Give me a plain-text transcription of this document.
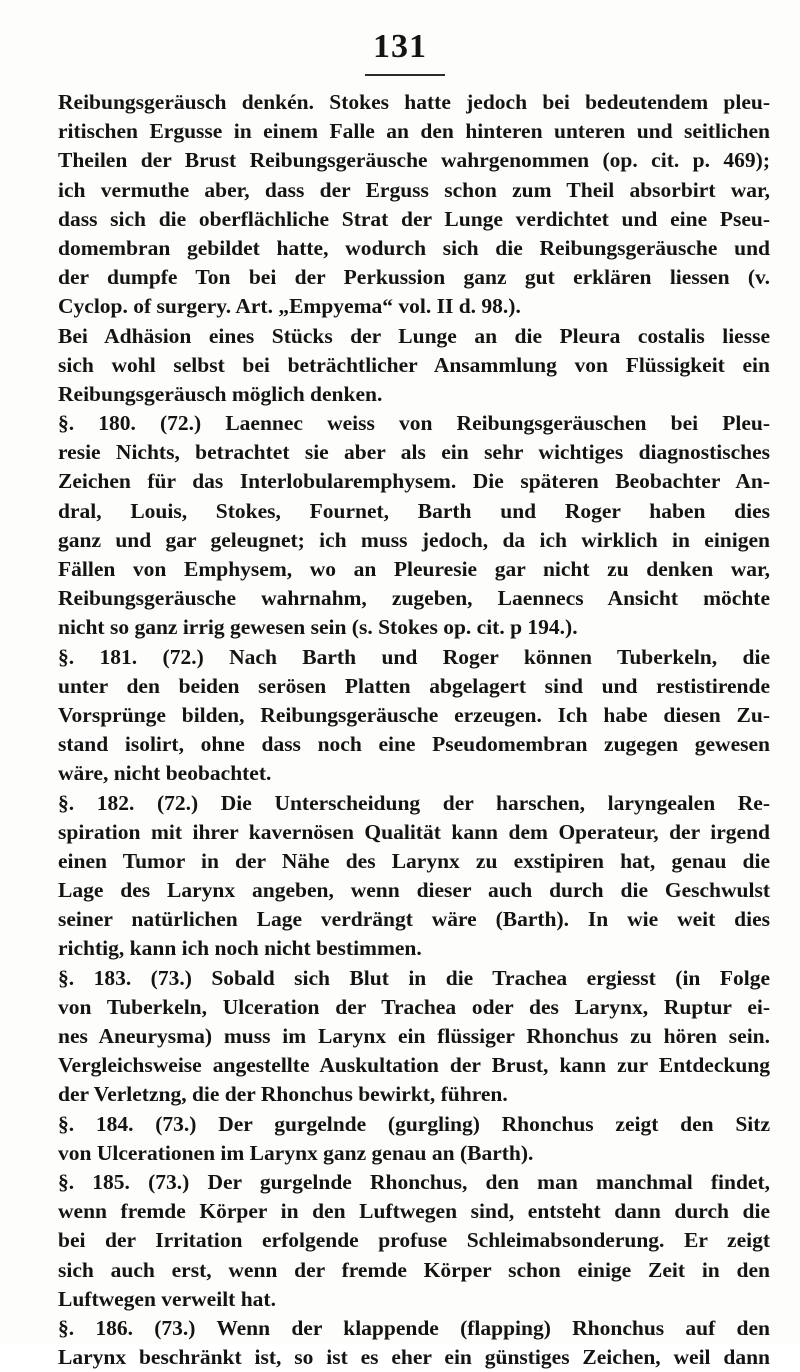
131
Reibungsgeräusch denkén. Stokes hatte jedoch bei bedeutendem pleu-
ritischen Ergusse in einem Falle an den hinteren unteren und seitlichen
Theilen der Brust Reibungsgeräusche wahrgenommen (op. cit. p. 469);
ich vermuthe aber, dass der Erguss schon zum Theil absorbirt war,
dass sich die oberflächliche Strat der Lunge verdichtet und eine Pseu-
domembran gebildet hatte, wodurch sich die Reibungsgeräusche und
der dumpfe Ton bei der Perkussion ganz gut erklären liessen (v.
Cyclop. of surgery. Art. „Empyema“ vol. II d. 98.).
Bei Adhäsion eines Stücks der Lunge an die Pleura costalis liesse
sich wohl selbst bei beträchtlicher Ansammlung von Flüssigkeit ein
Reibungsgeräusch möglich denken.
§. 180. (72.) Laennec weiss von Reibungsgeräuschen bei Pleu-
resie Nichts, betrachtet sie aber als ein sehr wichtiges diagnostisches
Zeichen für das Interlobularemphysem. Die späteren Beobachter An-
dral, Louis, Stokes, Fournet, Barth und Roger haben dies
ganz und gar geleugnet; ich muss jedoch, da ich wirklich in einigen
Fällen von Emphysem, wo an Pleuresie gar nicht zu denken war,
Reibungsgeräusche wahrnahm, zugeben, Laennecs Ansicht möchte
nicht so ganz irrig gewesen sein (s. Stokes op. cit. p 194.).
§. 181. (72.) Nach Barth und Roger können Tuberkeln, die
unter den beiden serösen Platten abgelagert sind und restistirende
Vorsprünge bilden, Reibungsgeräusche erzeugen. Ich habe diesen Zu-
stand isolirt, ohne dass noch eine Pseudomembran zugegen gewesen
wäre, nicht beobachtet.
§. 182. (72.) Die Unterscheidung der harschen, laryngealen Re-
spiration mit ihrer kavernösen Qualität kann dem Operateur, der irgend
einen Tumor in der Nähe des Larynx zu exstipiren hat, genau die
Lage des Larynx angeben, wenn dieser auch durch die Geschwulst
seiner natürlichen Lage verdrängt wäre (Barth). In wie weit dies
richtig, kann ich noch nicht bestimmen.
§. 183. (73.) Sobald sich Blut in die Trachea ergiesst (in Folge
von Tuberkeln, Ulceration der Trachea oder des Larynx, Ruptur ei-
nes Aneurysma) muss im Larynx ein flüssiger Rhonchus zu hören sein.
Vergleichsweise angestellte Auskultation der Brust, kann zur Entdeckung
der Verletzng, die der Rhonchus bewirkt, führen.
§. 184. (73.) Der gurgelnde (gurgling) Rhonchus zeigt den Sitz
von Ulcerationen im Larynx ganz genau an (Barth).
§. 185. (73.) Der gurgelnde Rhonchus, den man manchmal findet,
wenn fremde Körper in den Luftwegen sind, entsteht dann durch die
bei der Irritation erfolgende profuse Schleimabsonderung. Er zeigt
sich auch erst, wenn der fremde Körper schon einige Zeit in den
Luftwegen verweilt hat.
§. 186. (73.) Wenn der klappende (flapping) Rhonchus auf den
Larynx beschränkt ist, so ist es eher ein günstiges Zeichen, weil dann
